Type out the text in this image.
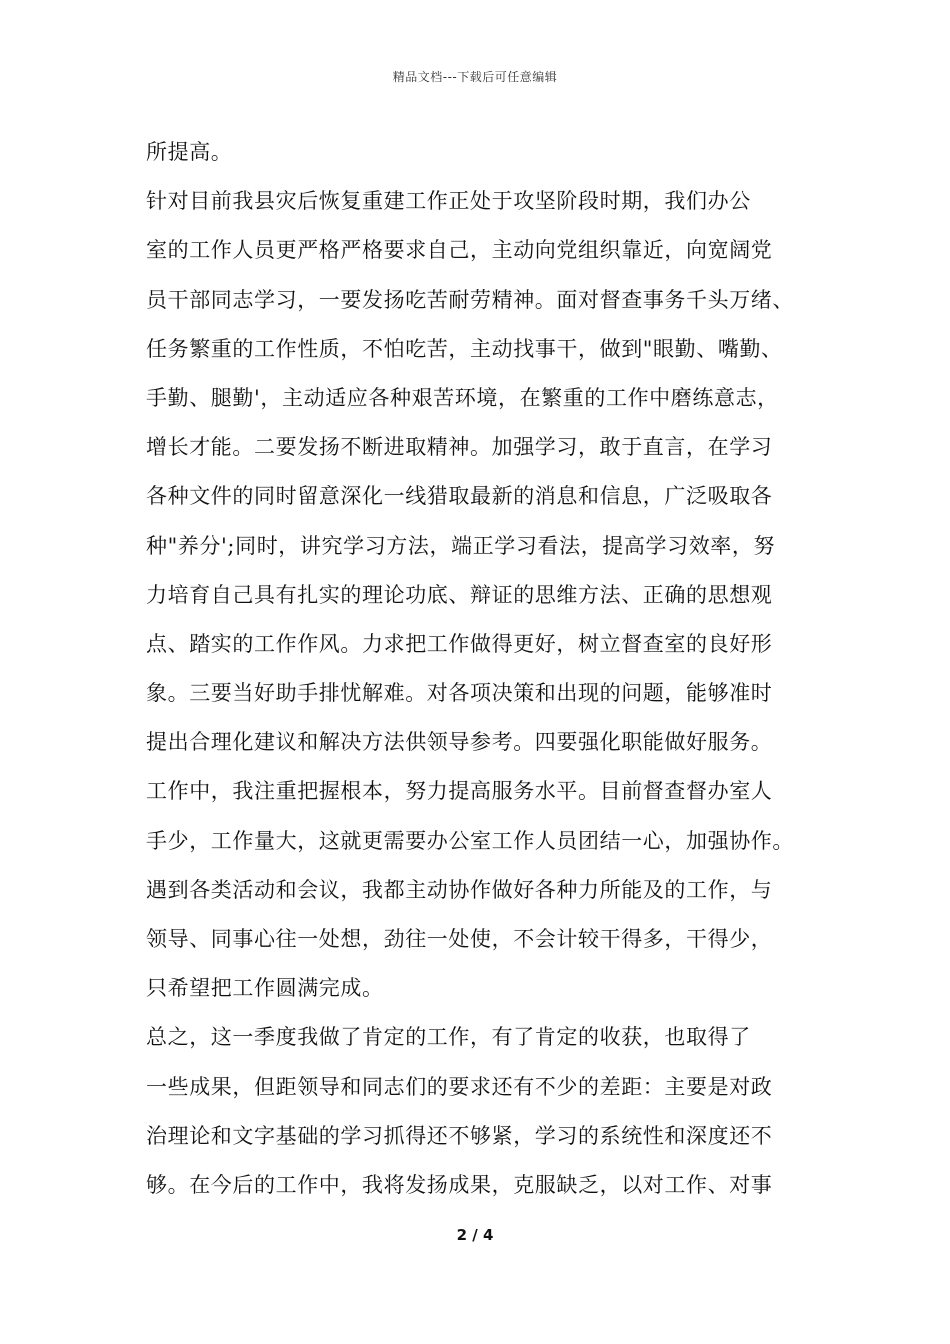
精品文档---下载后可任意编辑
所提高。
针对目前我县灾后恢复重建工作正处于攻坚阶段时期，我们办公
室的工作人员更严格严格要求自己，主动向党组织靠近，向宽阔党
员干部同志学习，一要发扬吃苦耐劳精神。面对督查事务千头万绪、
任务繁重的工作性质，不怕吃苦，主动找事干，做到"眼勤、嘴勤、
手勤、腿勤'，主动适应各种艰苦环境，在繁重的工作中磨练意志，
增长才能。二要发扬不断进取精神。加强学习，敢于直言，在学习
各种文件的同时留意深化一线猎取最新的消息和信息，广泛吸取各
种"养分';同时，讲究学习方法，端正学习看法，提高学习效率，努
力培育自己具有扎实的理论功底、辩证的思维方法、正确的思想观
点、踏实的工作作风。力求把工作做得更好，树立督查室的良好形
象。三要当好助手排忧解难。对各项决策和出现的问题，能够准时
提出合理化建议和解决方法供领导参考。四要强化职能做好服务。
工作中，我注重把握根本，努力提高服务水平。目前督查督办室人
手少，工作量大，这就更需要办公室工作人员团结一心，加强协作。
遇到各类活动和会议，我都主动协作做好各种力所能及的工作，与
领导、同事心往一处想，劲往一处使，不会计较干得多，干得少，
只希望把工作圆满完成。
总之，这一季度我做了肯定的工作，有了肯定的收获，也取得了
一些成果，但距领导和同志们的要求还有不少的差距：主要是对政
治理论和文字基础的学习抓得还不够紧，学习的系统性和深度还不
够。在今后的工作中，我将发扬成果，克服缺乏，以对工作、对事
2 / 4
